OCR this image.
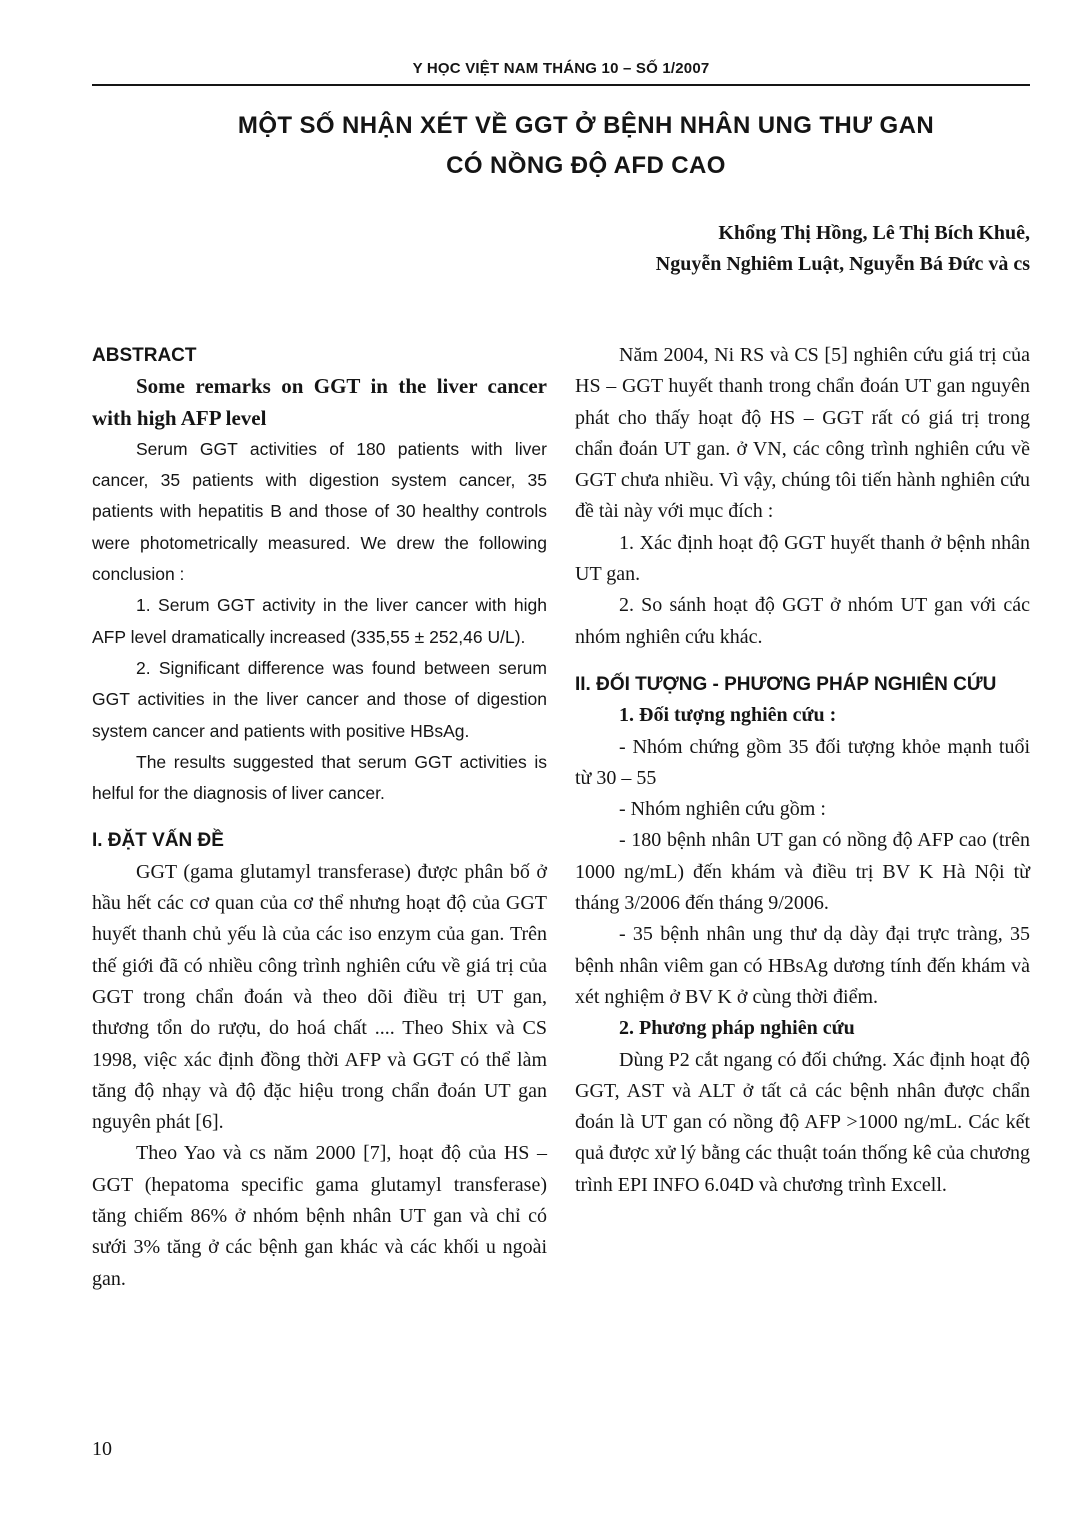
Y HỌC VIỆT NAM THÁNG 10 – SỐ 1/2007
MỘT SỐ NHẬN XÉT VỀ GGT Ở BỆNH NHÂN UNG THƯ GAN
CÓ NỒNG ĐỘ AFD CAO
Khổng Thị Hồng, Lê Thị Bích Khuê,
Nguyễn Nghiêm Luật, Nguyễn Bá Đức và cs

ABSTRACT

Some remarks on GGT in the liver cancer with high AFP level

Serum GGT activities of 180 patients with liver cancer, 35 patients with digestion system cancer, 35 patients with hepatitis B and those of 30 healthy controls were photometrically measured. We drew the following conclusion :

1. Serum GGT activity in the liver cancer with high AFP level dramatically increased (335,55 ± 252,46 U/L).

2. Significant difference was found between serum GGT activities in the liver cancer and those of digestion system cancer and patients with positive HBsAg.

The results suggested that serum GGT activities is helful for the diagnosis of liver cancer.

I. ĐẶT VẤN ĐỀ

GGT (gama glutamyl transferase) được phân bố ở hầu hết các cơ quan của cơ thể nhưng hoạt độ của GGT huyết thanh chủ yếu là của các iso enzym của gan. Trên thế giới đã có nhiều công trình nghiên cứu về giá trị của GGT trong chẩn đoán và theo dõi điều trị UT gan, thương tổn do rượu, do hoá chất .... Theo Shix và CS 1998, việc xác định đồng thời AFP và GGT có thể làm tăng độ nhạy và độ đặc hiệu trong chẩn đoán UT gan nguyên phát [6].

Theo Yao và cs năm 2000 [7], hoạt độ của HS – GGT (hepatoma specific gama glutamyl transferase) tăng chiếm 86% ở nhóm bệnh nhân UT gan và chỉ có sưới 3% tăng ở các bệnh gan khác và các khối u ngoài gan.

Năm 2004, Ni RS và CS [5] nghiên cứu giá trị của HS – GGT huyết thanh trong chẩn đoán UT gan nguyên phát cho thấy hoạt độ HS – GGT rất có giá trị trong chẩn đoán UT gan. ở VN, các công trình nghiên cứu về GGT chưa nhiều. Vì vậy, chúng tôi tiến hành nghiên cứu đề tài này với mục đích :

1. Xác định hoạt độ GGT huyết thanh ở bệnh nhân UT gan.

2. So sánh hoạt độ GGT ở nhóm UT gan với các nhóm nghiên cứu khác.

II. ĐỐI TƯỢNG - PHƯƠNG PHÁP NGHIÊN CỨU

1. Đối tượng nghiên cứu :

- Nhóm chứng gồm 35 đối tượng khỏe mạnh tuổi từ 30 – 55

- Nhóm nghiên cứu gồm :

- 180 bệnh nhân UT gan có nồng độ AFP cao (trên 1000 ng/mL) đến khám và điều trị BV K Hà Nội từ tháng 3/2006 đến tháng 9/2006.

- 35 bệnh nhân ung thư dạ dày đại trực tràng, 35 bệnh nhân viêm gan có HBsAg dương tính đến khám và xét nghiệm ở BV K ở cùng thời điểm.

2. Phương pháp nghiên cứu

Dùng P2 cắt ngang có đối chứng. Xác định hoạt độ GGT, AST và ALT ở tất cả các bệnh nhân được chẩn đoán là UT gan có nồng độ AFP >1000 ng/mL. Các kết quả được xử lý bằng các thuật toán thống kê của chương trình EPI INFO 6.04D và chương trình Excell.

10
